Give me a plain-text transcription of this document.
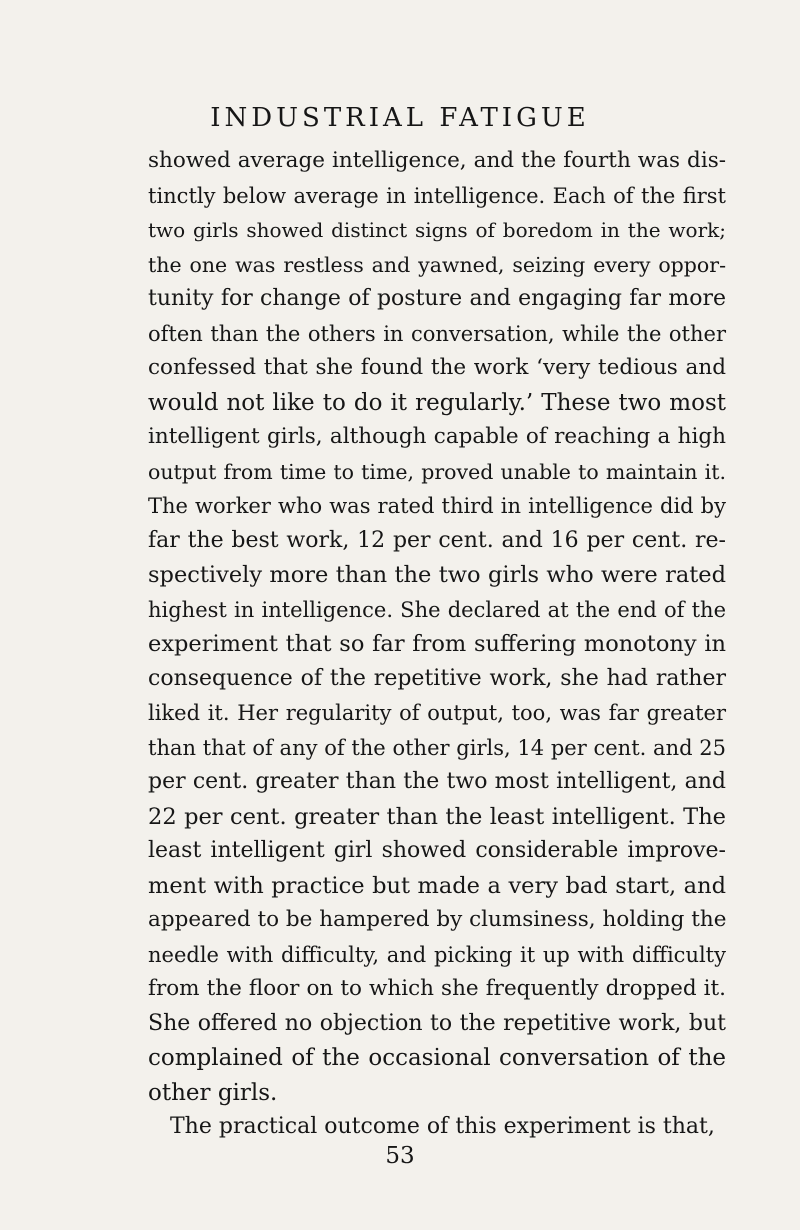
INDUSTRIAL FATIGUE
showed average intelligence, and the fourth was dis-
tinctly below average in intelligence. Each of the first
two girls showed distinct signs of boredom in the work;
the one was restless and yawned, seizing every oppor-
tunity for change of posture and engaging far more
often than the others in conversation, while the other
confessed that she found the work ‘very tedious and
would not like to do it regularly.’ These two most
intelligent girls, although capable of reaching a high
output from time to time, proved unable to maintain it.
The worker who was rated third in intelligence did by
far the best work, 12 per cent. and 16 per cent. re-
spectively more than the two girls who were rated
highest in intelligence. She declared at the end of the
experiment that so far from suffering monotony in
consequence of the repetitive work, she had rather
liked it. Her regularity of output, too, was far greater
than that of any of the other girls, 14 per cent. and 25
per cent. greater than the two most intelligent, and
22 per cent. greater than the least intelligent. The
least intelligent girl showed considerable improve-
ment with practice but made a very bad start, and
appeared to be hampered by clumsiness, holding the
needle with difficulty, and picking it up with difficulty
from the floor on to which she frequently dropped it.
She offered no objection to the repetitive work, but
complained of the occasional conversation of the
other girls.
The practical outcome of this experiment is that,
53
